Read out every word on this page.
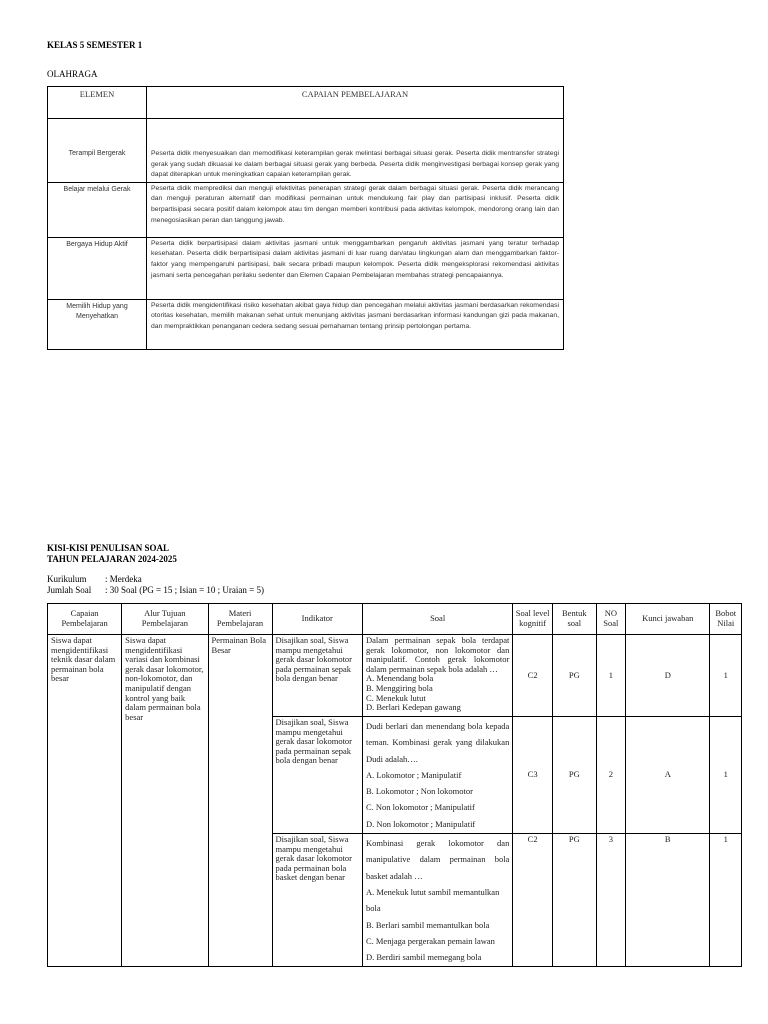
KELAS 5 SEMESTER 1
OLAHRAGA
ELEMEN	CAPAIAN PEMBELAJARAN
Terampil Bergerak	Peserta didik menyesuaikan dan memodifikasi keterampilan gerak melintasi berbagai situasi gerak. Peserta didik mentransfer strategi gerak yang sudah dikuasai ke dalam berbagai situasi gerak yang berbeda. Peserta didik menginvestigasi berbagai konsep gerak yang dapat diterapkan untuk meningkatkan capaian keterampilan gerak.
Belajar melalui Gerak	Peserta didik memprediksi dan menguji efektivitas penerapan strategi gerak dalam berbagai situasi gerak. Peserta didik merancang dan menguji peraturan alternatif dan modifikasi permainan untuk mendukung fair play dan partisipasi inklusif. Peserta didik berpartisipasi secara positif dalam kelompok atau tim dengan memberi kontribusi pada aktivitas kelompok, mendorong orang lain dan menegosiasikan peran dan tanggung jawab.
Bergaya Hidup Aktif	Peserta didik berpartisipasi dalam aktivitas jasmani untuk menggambarkan pengaruh aktivitas jasmani yang teratur terhadap kesehatan. Peserta didik berpartisipasi dalam aktivitas jasmani di luar ruang dan/atau lingkungan alam dan menggambarkan faktor-faktor yang mempengaruhi partisipasi, baik secara pribadi maupun kelompok. Peserta didik mengeksplorasi rekomendasi aktivitas jasmani serta pencegahan perilaku sedenter dan Elemen Capaian Pembelajaran membahas strategi pencapaiannya.
Memilih Hidup yang Menyehatkan	Peserta didik mengidentifikasi risiko kesehatan akibat gaya hidup dan pencegahan melalui aktivitas jasmani berdasarkan rekomendasi otoritas kesehatan, memilih makanan sehat untuk menunjang aktivitas jasmani berdasarkan informasi kandungan gizi pada makanan, dan mempraktikkan penanganan cedera sedang sesuai pemahaman tentang prinsip pertolongan pertama.
KISI-KISI PENULISAN SOAL
TAHUN PELAJARAN 2024-2025
Kurikulum : Merdeka
Jumlah Soal : 30 Soal (PG = 15 ; Isian = 10 ; Uraian = 5)
Capaian Pembelajaran	Alur Tujuan Pembelajaran	Materi Pembelajaran	Indikator	Soal	Soal level kognitif	Bentuk soal	NO Soal	Kunci jawaban	Bobot Nilai
Siswa dapat mengidentifikasi teknik dasar dalam permainan bola besar	Siswa dapat mengidentifikasi variasi dan kombinasi gerak dasar lokomotor, non-lokomotor, dan manipulatif dengan kontrol yang baik dalam permainan bola besar	Permainan Bola Besar	Disajikan soal, Siswa mampu mengetahui gerak dasar lokomotor pada permainan sepak bola dengan benar	Dalam permainan sepak bola terdapat gerak lokomotor, non lokomotor dan manipulatif. Contoh gerak lokomotor dalam permainan sepak bola adalah …
A. Menendang bola
B. Menggiring bola
C. Menekuk lutut
D. Berlari Kedepan gawang	C2	PG	1	D	1
			Disajikan soal, Siswa mampu mengetahui gerak dasar lokomotor pada permainan sepak bola dengan benar	Dudi berlari dan menendang bola kepada teman. Kombinasi gerak yang dilakukan Dudi adalah….
A. Lokomotor ; Manipulatif
B. Lokomotor ; Non lokomotor
C. Non lokomotor ; Manipulatif
D. Non lokomotor ; Manipulatif	C3	PG	2	A	1
			Disajikan soal, Siswa mampu mengetahui gerak dasar lokomotor pada permainan bola basket dengan benar	Kombinasi gerak lokomotor dan manipulative dalam permainan bola basket adalah …
A. Menekuk lutut sambil memantulkan bola
B. Berlari sambil memantulkan bola
C. Menjaga pergerakan pemain lawan
D. Berdiri sambil memegang bola	C2	PG	3	B	1
